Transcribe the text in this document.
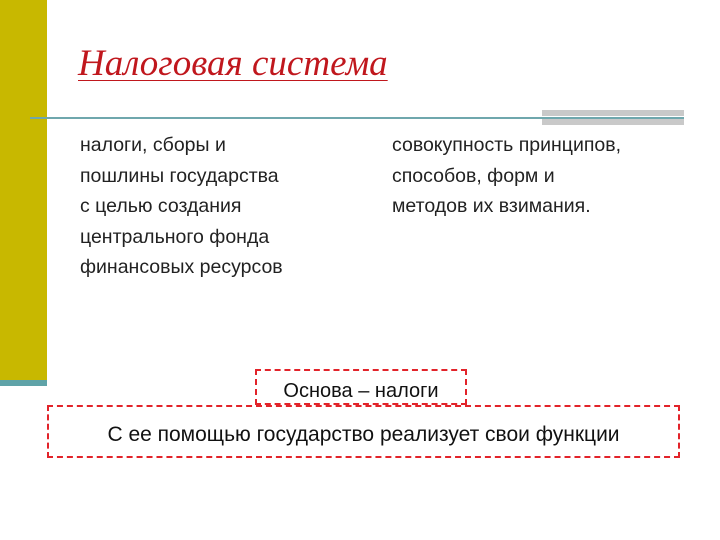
Налоговая система
налоги, сборы и
пошлины государства
с целью создания
центрального фонда
финансовых ресурсов
совокупность принципов,
способов, форм и
методов их взимания.
С ее помощью государство реализует свои функции
Основа – налоги
